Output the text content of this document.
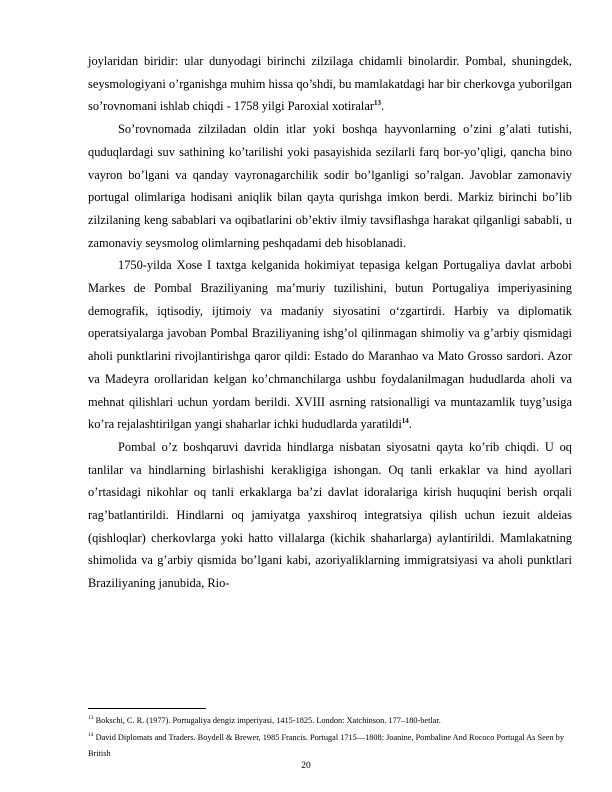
joylaridan biridir: ular dunyodagi birinchi zilzilaga chidamli binolardir. Pombal, shuningdek, seysmologiyani o’rganishga muhim hissa qo’shdi, bu mamlakatdagi har bir cherkovga yuborilgan so’rovnomani ishlab chiqdi - 1758 yilgi Paroxial xotiralar$^{13}$.

So’rovnomada zilziladan oldin itlar yoki boshqa hayvonlarning o’zini g’alati tutishi, quduqlardagi suv sathining ko’tarilishi yoki pasayishida sezilarli farq bor-yo’qligi, qancha bino vayron bo’lgani va qanday vayronagarchilik sodir bo’lganligi so’ralgan. Javoblar zamonaviy portugal olimlariga hodisani aniqlik bilan qayta qurishga imkon berdi. Markiz birinchi bo’lib zilzilaning keng sabablari va oqibatlarini ob’ektiv ilmiy tavsiflashga harakat qilganligi sababli, u zamonaviy seysmolog olimlarning peshqadami deb hisoblanadi.

1750-yilda Xose I taxtga kelganida hokimiyat tepasiga kelgan Portugaliya davlat arbobi Markes de Pombal Braziliyaning ma’muriy tuzilishini, butun Portugaliya imperiyasining demografik, iqtisodiy, ijtimoiy va madaniy siyosatini o‘zgartirdi. Harbiy va diplomatik operatsiyalarga javoban Pombal Braziliyaning ishg’ol qilinmagan shimoliy va g’arbiy qismidagi aholi punktlarini rivojlantirishga qaror qildi: Estado do Maranhao va Mato Grosso sardori. Azor va Madeyra orollaridan kelgan ko’chmanchilarga ushbu foydalanilmagan hududlarda aholi va mehnat qilishlari uchun yordam berildi. XVIII asrning ratsionalligi va muntazamlik tuyg’usiga ko’ra rejalashtirilgan yangi shaharlar ichki hududlarda yaratildi$^{14}$.

Pombal o’z boshqaruvi davrida hindlarga nisbatan siyosatni qayta ko’rib chiqdi. U oq tanlilar va hindlarning birlashishi kerakligiga ishongan. Oq tanli erkaklar va hind ayollari o’rtasidagi nikohlar oq tanli erkaklarga ba’zi davlat idoralariga kirish huquqini berish orqali rag’batlantirildi. Hindlarni oq jamiyatga yaxshiroq integratsiya qilish uchun iezuit aldeias (qishloqlar) cherkovlarga yoki hatto villalarga (kichik shaharlarga) aylantirildi. Mamlakatning shimolida va g’arbiy qismida bo’lgani kabi, azoriyaliklarning immigratsiyasi va aholi punktlari Braziliyaning janubida, Rio-

$^{13}$ Bokschi, C. R. (1977). Portugaliya dengiz imperiyasi, 1415-1825. London: Xatchinson. 177–180-betlar.

$^{14}$ David Diplomats and Traders. Boydell & Brewer, 1985 Francis. Portugal 1715—1808: Joanine, Pombaline And Rococo Portugal As Seen by British

20
